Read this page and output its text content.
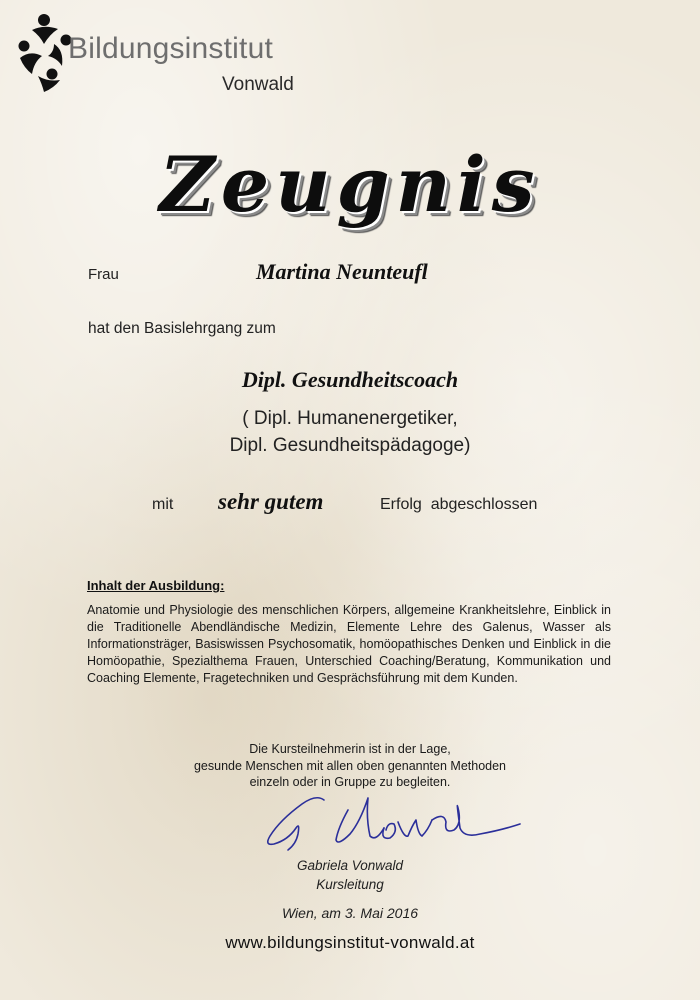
Bildungsinstitut
Vonwald
Zeugnis
Frau	Martina Neunteufl
hat den Basislehrgang zum
Dipl. Gesundheitscoach
( Dipl. Humanenergetiker,
Dipl. Gesundheitspädagoge)
mit sehr gutem	Erfolg  abgeschlossen
Inhalt der Ausbildung:
Anatomie und Physiologie des menschlichen Körpers, allgemeine Krankheitslehre, Einblick in die Traditionelle Abendländische Medizin, Elemente Lehre des Galenus, Wasser als Informationsträger, Basiswissen Psychosomatik, homöopathisches Denken und Einblick in die Homöopathie, Spezialthema Frauen, Unterschied Coaching/Beratung, Kommunikation und Coaching Elemente, Fragetechniken und Gesprächsführung mit dem Kunden.
Die Kursteilnehmerin ist in der Lage,
gesunde Menschen mit allen oben genannten Methoden
einzeln oder in Gruppe zu begleiten.
Gabriela Vonwald
Kursleitung
Wien, am 3. Mai 2016
www.bildungsinstitut-vonwald.at
